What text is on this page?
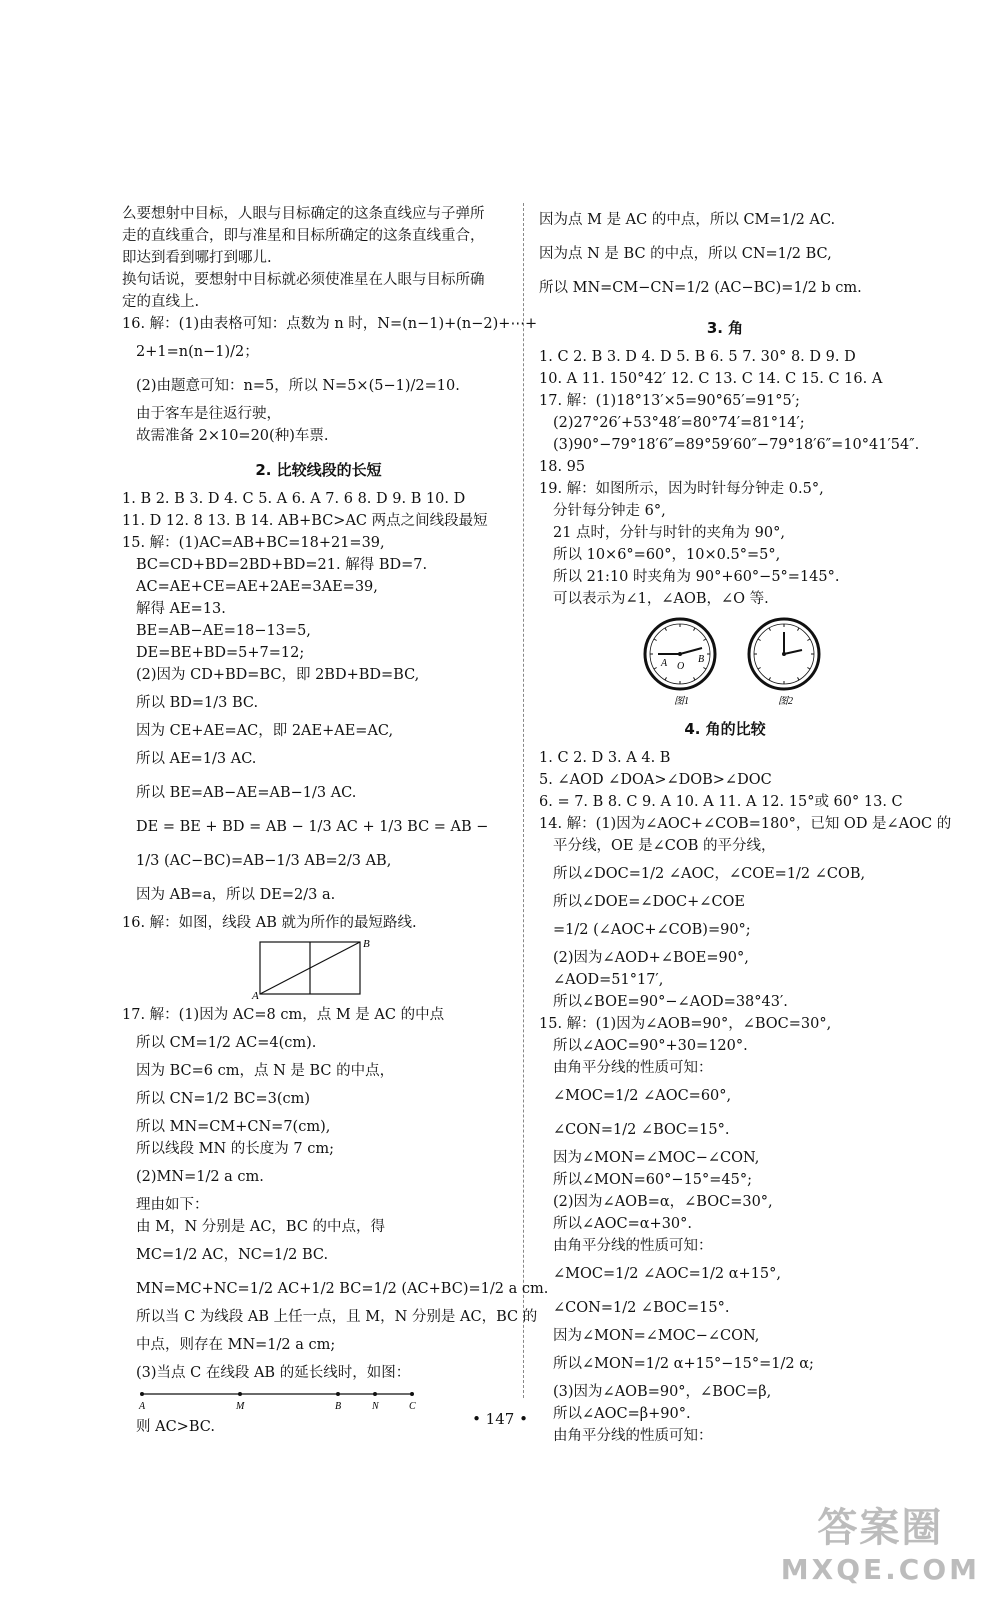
么要想射中目标，人眼与目标确定的这条直线应与子弹所
走的直线重合，即与准星和目标所确定的这条直线重合，
即达到看到哪打到哪儿.
换句话说，要想射中目标就必须使准星在人眼与目标所确
定的直线上.
16. 解：(1)由表格可知：点数为 n 时，N=(n−1)+(n−2)+⋯+
2+1=n(n−1)/2；
(2)由题意可知：n=5，所以 N=5×(5−1)/2=10.
由于客车是往返行驶，
故需准备 2×10=20(种)车票.
2. 比较线段的长短
1. B 2. B 3. D 4. C 5. A 6. A 7. 6 8. D 9. B 10. D
11. D 12. 8 13. B 14. AB+BC>AC 两点之间线段最短
15. 解：(1)AC=AB+BC=18+21=39,
BC=CD+BD=2BD+BD=21. 解得 BD=7.
AC=AE+CE=AE+2AE=3AE=39,
解得 AE=13.
BE=AB−AE=18−13=5,
DE=BE+BD=5+7=12;
(2)因为 CD+BD=BC，即 2BD+BD=BC,
所以 BD=1/3 BC.
因为 CE+AE=AC，即 2AE+AE=AC,
所以 AE=1/3 AC.
所以 BE=AB−AE=AB−1/3 AC.
DE = BE + BD = AB − 1/3 AC + 1/3 BC = AB −
1/3 (AC−BC)=AB−1/3 AB=2/3 AB,
因为 AB=a，所以 DE=2/3 a.
16. 解：如图，线段 AB 就为所作的最短路线.
A
B
17. 解：(1)因为 AC=8 cm，点 M 是 AC 的中点
所以 CM=1/2 AC=4(cm).
因为 BC=6 cm，点 N 是 BC 的中点，
所以 CN=1/2 BC=3(cm)
所以 MN=CM+CN=7(cm),
所以线段 MN 的长度为 7 cm;
(2)MN=1/2 a cm.
理由如下：
由 M，N 分别是 AC，BC 的中点，得
MC=1/2 AC，NC=1/2 BC.
MN=MC+NC=1/2 AC+1/2 BC=1/2 (AC+BC)=1/2 a cm.
所以当 C 为线段 AB 上任一点，且 M，N 分别是 AC，BC 的
中点，则存在 MN=1/2 a cm;
(3)当点 C 在线段 AB 的延长线时，如图：
A	M	B	N	C
则 AC>BC.
因为点 M 是 AC 的中点，所以 CM=1/2 AC.
因为点 N 是 BC 的中点，所以 CN=1/2 BC,
所以 MN=CM−CN=1/2 (AC−BC)=1/2 b cm.
3. 角
1. C 2. B 3. D 4. D 5. B 6. 5 7. 30° 8. D 9. D
10. A 11. 150°42′ 12. C 13. C 14. C 15. C 16. A
17. 解：(1)18°13′×5=90°65′=91°5′;
(2)27°26′+53°48′=80°74′=81°14′;
(3)90°−79°18′6″=89°59′60″−79°18′6″=10°41′54″.
18. 95
19. 解：如图所示，因为时针每分钟走 0.5°,
分针每分钟走 6°,
21 点时，分针与时针的夹角为 90°,
所以 10×6°=60°，10×0.5°=5°,
所以 21:10 时夹角为 90°+60°−5°=145°.
可以表示为∠1，∠AOB，∠O 等.
A O
B
图1	图2
4. 角的比较
1. C 2. D 3. A 4. B
5. ∠AOD ∠DOA>∠DOB>∠DOC
6. = 7. B 8. C 9. A 10. A 11. A 12. 15°或 60° 13. C
14. 解：(1)因为∠AOC+∠COB=180°，已知 OD 是∠AOC 的
平分线，OE 是∠COB 的平分线，
所以∠DOC=1/2 ∠AOC，∠COE=1/2 ∠COB,
所以∠DOE=∠DOC+∠COE
=1/2 (∠AOC+∠COB)=90°;
(2)因为∠AOD+∠BOE=90°,
∠AOD=51°17′,
所以∠BOE=90°−∠AOD=38°43′.
15. 解：(1)因为∠AOB=90°，∠BOC=30°,
所以∠AOC=90°+30=120°.
由角平分线的性质可知：
∠MOC=1/2 ∠AOC=60°,
∠CON=1/2 ∠BOC=15°.
因为∠MON=∠MOC−∠CON,
所以∠MON=60°−15°=45°;
(2)因为∠AOB=α，∠BOC=30°,
所以∠AOC=α+30°.
由角平分线的性质可知：
∠MOC=1/2 ∠AOC=1/2 α+15°,
∠CON=1/2 ∠BOC=15°.
因为∠MON=∠MOC−∠CON,
所以∠MON=1/2 α+15°−15°=1/2 α;
(3)因为∠AOB=90°，∠BOC=β,
所以∠AOC=β+90°.
由角平分线的性质可知：
• 147 •
答案圈
MXQE.COM
